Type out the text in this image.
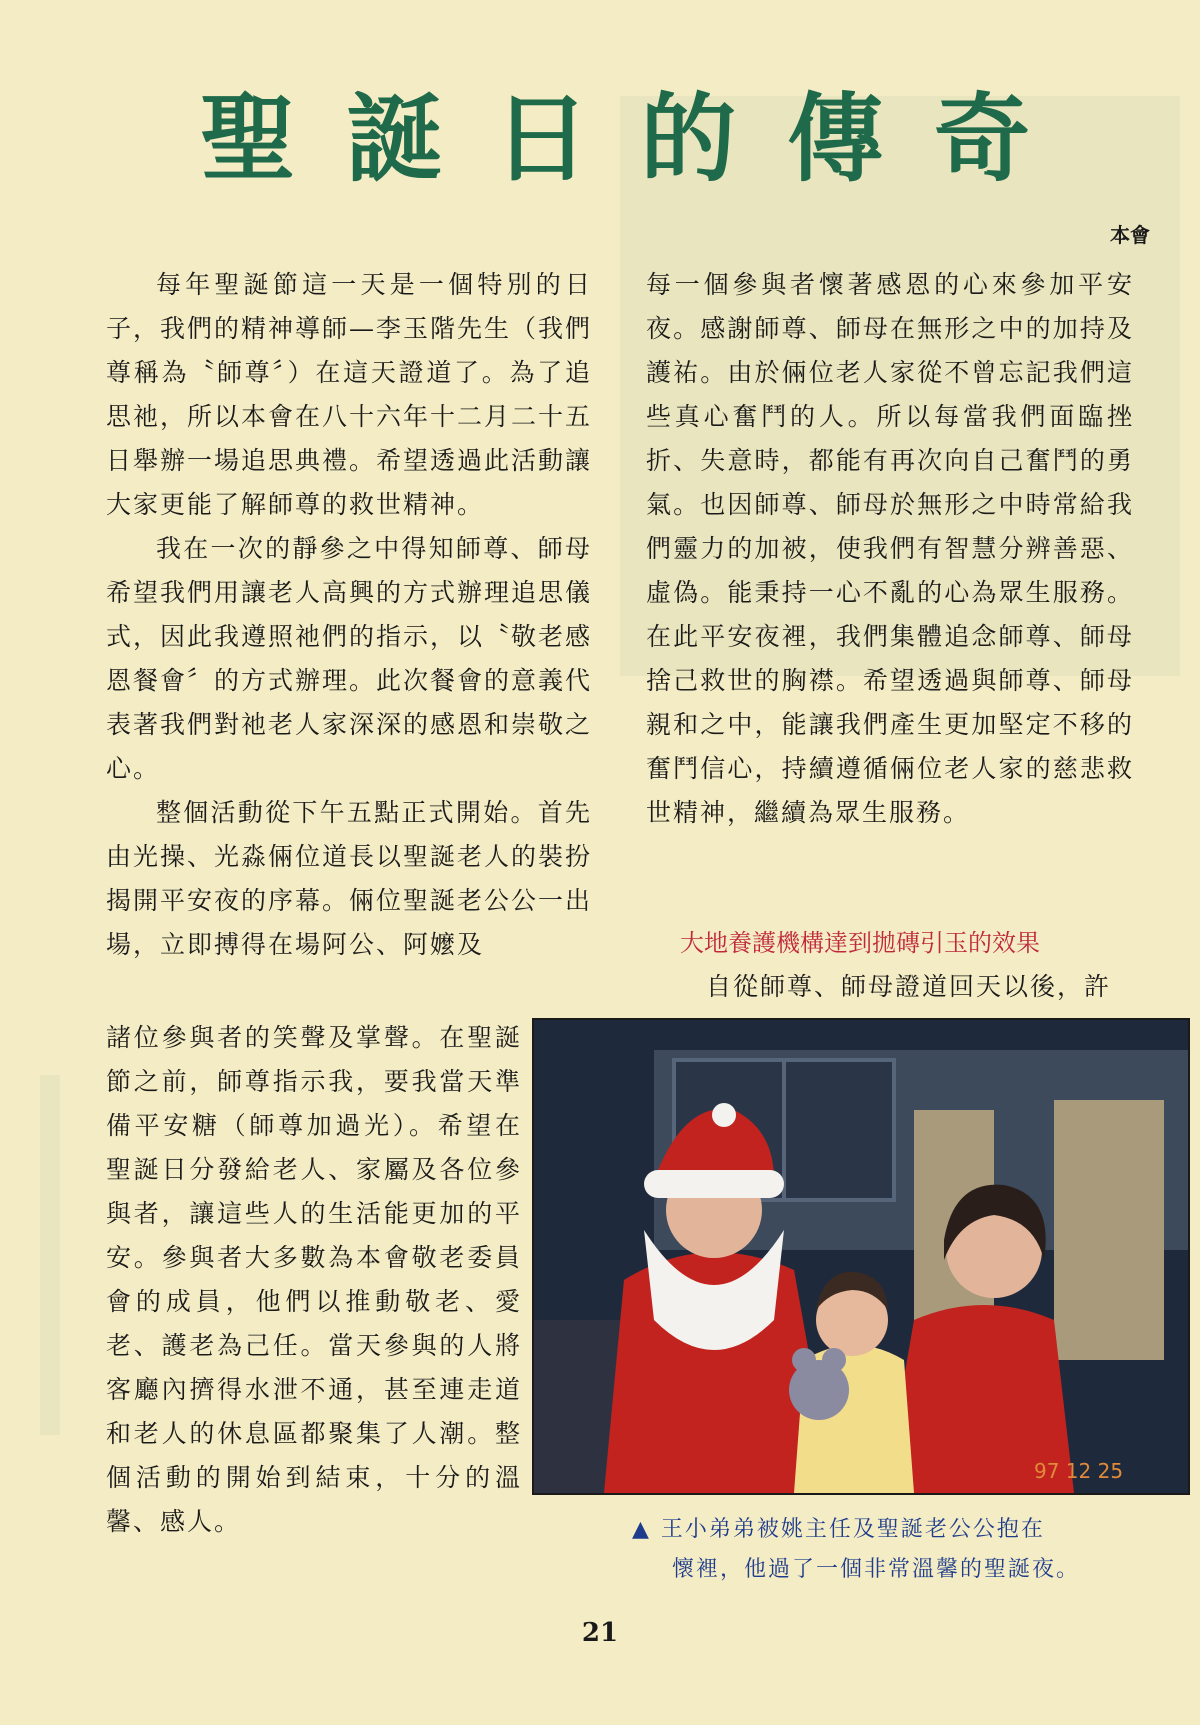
聖 誕 日 的 傳 奇
本會

每年聖誕節這一天是一個特別的日子，我們的精神導師—李玉階先生（我們尊稱為〝師尊〞）在這天證道了。為了追思祂，所以本會在八十六年十二月二十五日舉辦一場追思典禮。希望透過此活動讓大家更能了解師尊的救世精神。

我在一次的靜參之中得知師尊、師母希望我們用讓老人高興的方式辦理追思儀式，因此我遵照祂們的指示，以〝敬老感恩餐會〞的方式辦理。此次餐會的意義代表著我們對祂老人家深深的感恩和崇敬之心。

整個活動從下午五點正式開始。首先由光操、光淼倆位道長以聖誕老人的裝扮揭開平安夜的序幕。倆位聖誕老公公一出場，立即搏得在場阿公、阿嬤及

諸位參與者的笑聲及掌聲。在聖誕節之前，師尊指示我，要我當天準備平安糖（師尊加過光）。希望在聖誕日分發給老人、家屬及各位參與者，讓這些人的生活能更加的平安。參與者大多數為本會敬老委員會的成員，他們以推動敬老、愛老、護老為己任。當天參與的人將客廳內擠得水泄不通，甚至連走道和老人的休息區都聚集了人潮。整個活動的開始到結束，十分的溫馨、感人。

每一個參與者懷著感恩的心來參加平安夜。感謝師尊、師母在無形之中的加持及護祐。由於倆位老人家從不曾忘記我們這些真心奮鬥的人。所以每當我們面臨挫折、失意時，都能有再次向自己奮鬥的勇氣。也因師尊、師母於無形之中時常給我們靈力的加被，使我們有智慧分辨善惡、虛偽。能秉持一心不亂的心為眾生服務。在此平安夜裡，我們集體追念師尊、師母捨己救世的胸襟。希望透過與師尊、師母親和之中，能讓我們產生更加堅定不移的奮鬥信心，持續遵循倆位老人家的慈悲救世精神，繼續為眾生服務。

大地養護機構達到拋磚引玉的效果

自從師尊、師母證道回天以後，許

97 12 25
▲ 王小弟弟被姚主任及聖誕老公公抱在
懷裡，他過了一個非常溫馨的聖誕夜。
21
